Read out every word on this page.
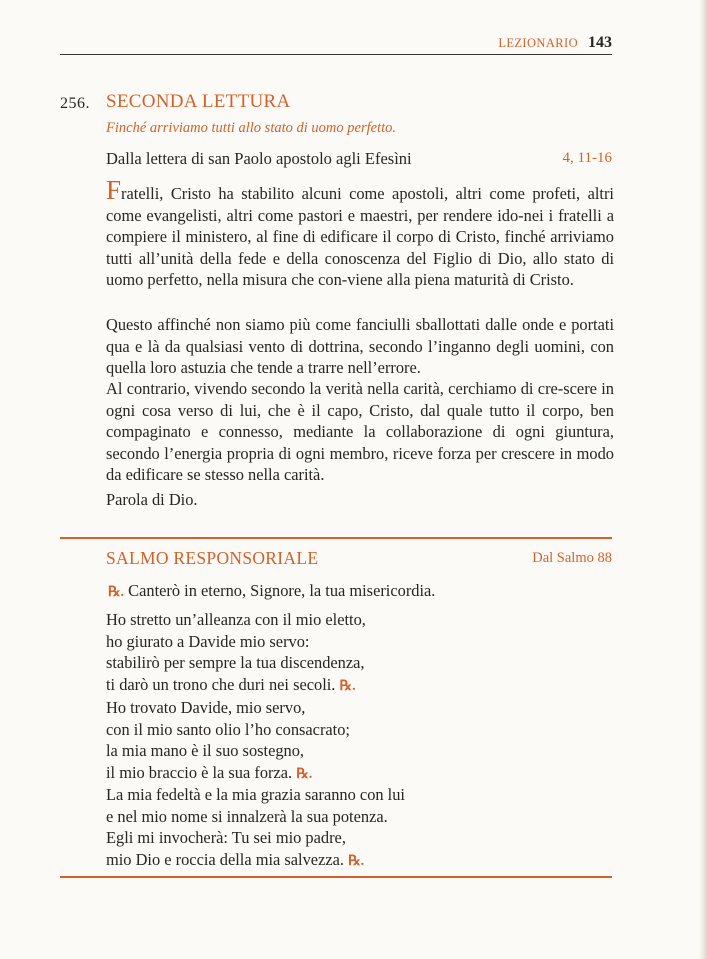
LEZIONARIO 143
256. SECONDA LETTURA
Finché arriviamo tutti allo stato di uomo perfetto.
Dalla lettera di san Paolo apostolo agli Efesìni	4, 11-16
Fratelli, Cristo ha stabilito alcuni come apostoli, altri come profeti, altri come evangelisti, altri come pastori e maestri, per rendere ido-nei i fratelli a compiere il ministero, al fine di edificare il corpo di Cristo, finché arriviamo tutti all’unità della fede e della conoscenza del Figlio di Dio, allo stato di uomo perfetto, nella misura che con-viene alla piena maturità di Cristo.
Questo affinché non siamo più come fanciulli sballottati dalle onde e portati qua e là da qualsiasi vento di dottrina, secondo l’inganno degli uomini, con quella loro astuzia che tende a trarre nell’errore.
Al contrario, vivendo secondo la verità nella carità, cerchiamo di cre-scere in ogni cosa verso di lui, che è il capo, Cristo, dal quale tutto il corpo, ben compaginato e connesso, mediante la collaborazione di ogni giuntura, secondo l’energia propria di ogni membro, riceve forza per crescere in modo da edificare se stesso nella carità.
Parola di Dio.
SALMO RESPONSORIALE	Dal Salmo 88
℞. Canterò in eterno, Signore, la tua misericordia.
Ho stretto un’alleanza con il mio eletto,
ho giurato a Davide mio servo:
stabilirò per sempre la tua discendenza,
ti darò un trono che duri nei secoli. ℞.
Ho trovato Davide, mio servo,
con il mio santo olio l’ho consacrato;
la mia mano è il suo sostegno,
il mio braccio è la sua forza. ℞.
La mia fedeltà e la mia grazia saranno con lui
e nel mio nome si innalzerà la sua potenza.
Egli mi invocherà: Tu sei mio padre,
mio Dio e roccia della mia salvezza. ℞.
